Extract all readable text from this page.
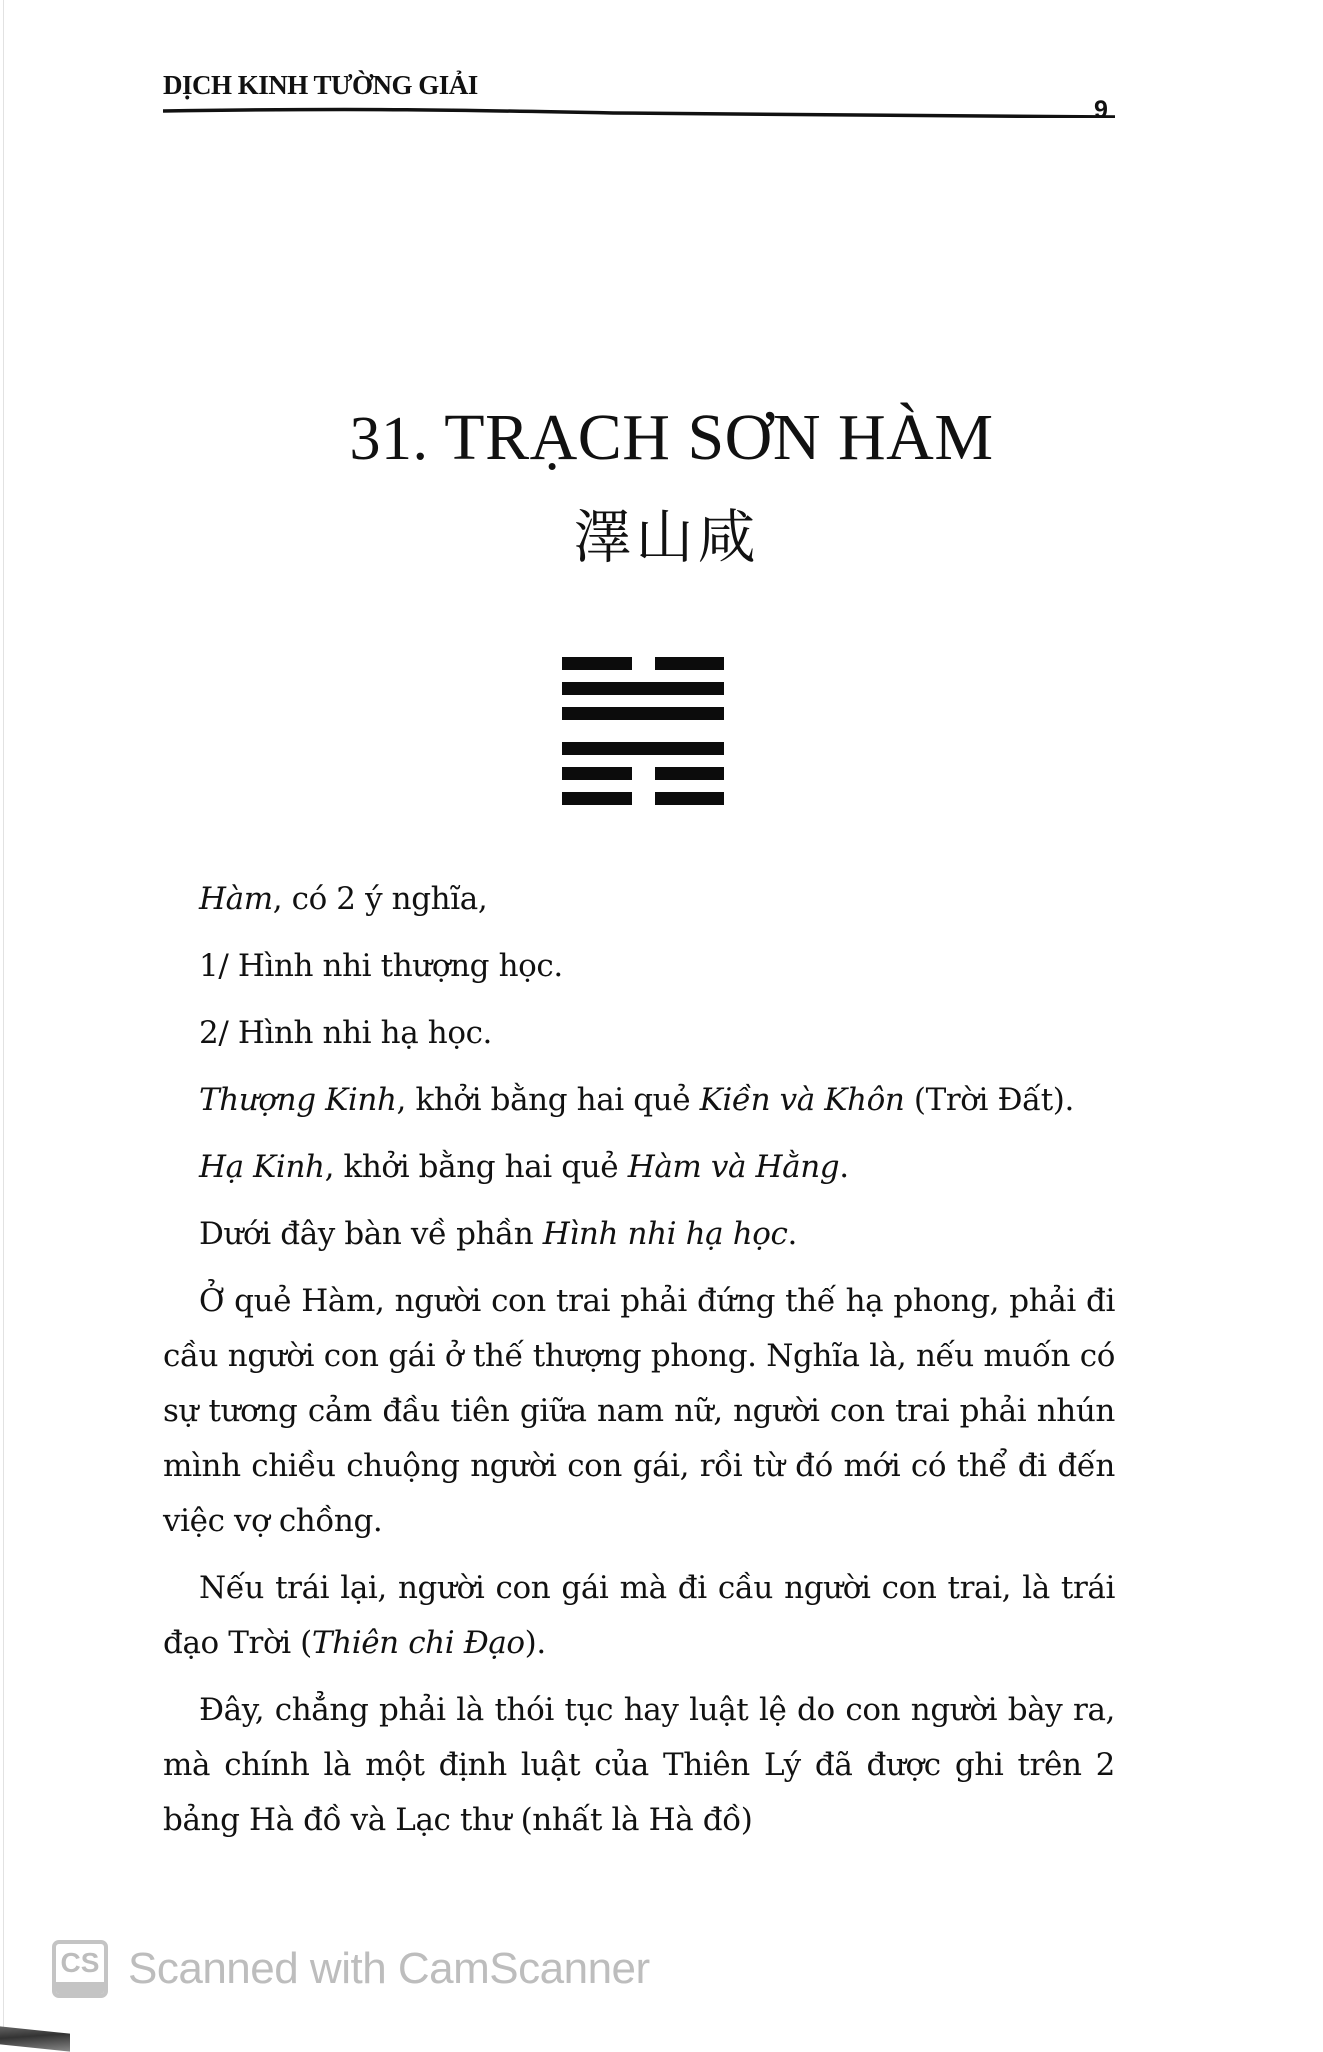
DỊCH KINH TƯỜNG GIẢI
9
31. TRẠCH SƠN HÀM
澤山咸

Hàm, có 2 ý nghĩa,

1/ Hình nhi thượng học.

2/ Hình nhi hạ học.

Thượng Kinh, khởi bằng hai quẻ Kiền và Khôn (Trời Đất).

Hạ Kinh, khởi bằng hai quẻ Hàm và Hằng.

Dưới đây bàn về phần Hình nhi hạ học.

Ở quẻ Hàm, người con trai phải đứng thế hạ phong, phải đi cầu người con gái ở thế thượng phong. Nghĩa là, nếu muốn có sự tương cảm đầu tiên giữa nam nữ, người con trai phải nhún mình chiều chuộng người con gái, rồi từ đó mới có thể đi đến việc vợ chồng.

Nếu trái lại, người con gái mà đi cầu người con trai, là trái đạo Trời (Thiên chi Đạo).

Đây, chẳng phải là thói tục hay luật lệ do con người bày ra, mà chính là một định luật của Thiên Lý đã được ghi trên 2 bảng Hà đồ và Lạc thư (nhất là Hà đồ)

CS Scanned with CamScanner
